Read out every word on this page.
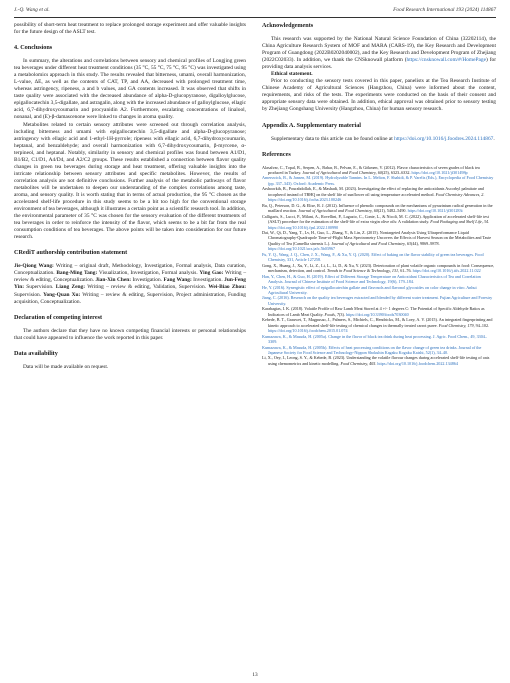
J.-Q. Wang et al.	Food Research International 193 (2024) 114867

possibility of short-term heat treatment to replace prolonged storage experiment and offer valuable insights for the future design of the ASLT test.

4. Conclusions

In summary, the alterations and correlations between sensory and chemical profiles of Longjing green tea beverages under different heat treatment conditions (35 °C, 55 °C, 75 °C, 95 °C) was investigated using a metabolomics approach in this study. The results revealed that bitterness, umami, overall harmonization, L-value, ΔE, as well as the contents of CAT, TP, and AA, decreased with prolonged treatment time, whereas astringency, ripeness, a and b values, and GA contents increased. It was observed that shifts in taste quality were associated with the decreased abundance of alpha-D-glucopyranose, digalloylglucose, epigallocatechin 3,5-digallate, and astragalin, along with the increased abundance of galloylglucose, ellagic acid, 6,7-dihydroxycoumarin and procyanidin A2. Furthermore, escalating concentrations of linalool, nonanal, and (E)-β-damascenone were linked to changes in aroma quality.

Metabolites related to certain sensory attributes were screened out through correlation analysis, including bitterness and umami with epigallocatechin 3,5-digallate and alpha-D-glucopyranose; astringency with ellagic acid and 1-ethyl-1H-pyrrole; ripeness with ellagic acid, 6,7-dihydroxycoumarin, heptanal, and benzaldehyde; and overall harmonization with 6,7-dihydroxycoumarin, β-myrcene, α-terpineol, and heptanal. Notably, similarity in sensory and chemical profiles was found between A1/D1, B1/B2, C1/D1, A4/D4, and A2/C2 groups. These results established a connection between flavor quality changes in green tea beverages during storage and heat treatment, offering valuable insights into the intricate relationship between sensory attributes and specific metabolites. However, the results of correlation analysis are not definitive conclusions. Further analysis of the metabolic pathways of flavor metabolites will be undertaken to deepen our understanding of the complex correlations among taste, aroma, and sensory quality. It is worth stating that in terms of actual production, the 95 °C chosen as the accelerated shelf-life procedure in this study seems to be a bit too high for the conventional storage environment of tea beverages, although it illustrates a certain point as a scientific research tool. In addition, the environmental parameter of 35 °C was chosen for the sensory evaluation of the different treatments of tea beverages in order to reinforce the intensity of the flavor, which seems to be a bit far from the real consumption conditions of tea beverages. The above points will be taken into consideration for our future research.

CRediT authorship contribution statement

Jie-Qiong Wang: Writing – original draft, Methodology, Investigation, Formal analysis, Data curation, Conceptualization. Bang-Ming Tang: Visualization, Investigation, Formal analysis. Ying Gao: Writing – review & editing, Conceptualization. Jian-Xin Chen: Investigation. Fang Wang: Investigation. Jun-Feng Yin: Supervision. Liang Zeng: Writing – review & editing, Validation, Supervision. Wei-Biao Zhou: Supervision. Yong-Quan Xu: Writing – review & editing, Supervision, Project administration, Funding acquisition, Conceptualization.

Declaration of competing interest

The authors declare that they have no known competing financial interests or personal relationships that could have appeared to influence the work reported in this paper.

Data availability

Data will be made available on request.

Acknowledgements

This research was supported by the National Natural Science Foundation of China (32202114), the China Agriculture Research System of MOF and MARA (CARS-19), the Key Research and Development Program of Guangdong (2022B0202040002), and the Key Research and Development Program of Zhejiang (2022C02033). In addition, we thank the CNSknowall platform (https://cnsknowall.com/#/HomePage) for providing data analysis services.

Ethical statement.

Prior to conducting the sensory tests covered in this paper, panelists at the Tea Research Institute of Chinese Academy of Agricultural Sciences (Hangzhou, China) were informed about the content, requirements, and risks of the tests. The experiments were conducted on the basis of their consent and appropriate sensory data were obtained. In addition, ethical approval was obtained prior to sensory testing by Zhejiang Gongshang University (Hangzhou, China) for human sensory research.

Appendix A. Supplementary material

Supplementary data to this article can be found online at https://doi.org/10.1016/j.foodres.2024.114867.

References

Alasalvar, C., Topal, B., Serpen, A., Bahar, B., Pelvan, E., & Gökmen, V. (2012). Flavor characteristics of seven grades of black tea produced in Turkey. Journal of Agricultural and Food Chemistry, 60(25), 6323–6332. https://doi.org/10.1021/jf301498p

Amerswick, B., & Jansen, M. (2019). Hydrolyzable Tannins. In L. Melton, F. Shahidi, & P. Varelis (Eds.), Encyclopedia of Food Chemistry (pp. 337–343). Oxford: Academic Press.

Arshoorkih, B., Pourabdollah, E., & Mashadi, M. (2023). Investigating the effect of replacing the antioxidants Ascorbyl palmitate and tocopherol instead of TBHQ on the shelf life of sunflower oil using temperature accelerated method. Food Chemistry Advances, 2. https://doi.org/10.1016/j.focha.2023.100246

Bu, Q., Peterson, D. G., & Elise, R. J. (2012). Influence of phenolic compounds on the mechanisms of pyrazinium radical generation in the maillard reaction. Journal of Agricultural and Food Chemistry, 60(21), 5482–5490. https://doi.org/10.1021/jf301283t

Calligaris, S., Lucci, P., Milani, A., Rovellini, P., Lagazio, C., Conte, L., & Nicoli, M. C. (2022). Application of accelerated shelf-life test (ASLT) procedure for the estimation of the shelf-life of extra virgin olive oils: A validation study. Food Packaging and Shelf Life, 34. https://doi.org/10.1016/j.fpsl.2022.100990

Dai, W., Qi, D., Yang, T., Lv, H., Guo, L., Zhang, Y., & Lin, Z. (2015). Nontargeted Analysis Using Ultraperformance Liquid Chromatography-Quadrupole Time-of-Flight Mass Spectrometry Uncovers the Effects of Harvest Season on the Metabolites and Taste Quality of Tea (Camellia sinensis L.). Journal of Agricultural and Food Chemistry, 63(44), 9869–9878. https://doi.org/10.1021/acs.jafc.5b03967

Fu, Y. Q., Wang, J. Q., Chen, J. X., Wang, F., & Xu, Y. Q. (2020). Effect of baking on the flavor stability of green tea beverages. Food Chemistry, 331, Article 127258.

Gong, X., Huang, J., Xu, Y., Li, Z., Li, L., Li, D., & Xu, Y. (2023). Deterioration of plant volatile organic compounds in food: Consequence, mechanism, detection, and control. Trends in Food Science & Technology, 131, 61–76. https://doi.org/10.1016/j.tifs.2022.11.022

Han, Y., Chen, H., & Guo, H. (2019). Effect of Different Storage Temperature on Antioxidant Characteristics of Tea and Correlation Analysis. Journal of Chinese Institute of Food Science and Technology, 19(6), 179–184.

He, Y. (2016). Synergistic effect of epigallocatechin gallate and flavonols and flavonol glycosides on color change in vitro. Anhui Agricultural University.

Jiang, C. (2016). Research on the quality tea beverages extracted and blended by different water treatment. Fujian Agriculture and Forestry University.

Karabagias, I. K. (2018). Volatile Profile of Raw Lamb Meat Stored at 4 +/- 1 degrees C: The Potential of Specific Aldehyde Ratios as Indicators of Lamb Meat Quality. Foods, 7(3). https://doi.org/10.3390/foods7030040

Kebede, B. T., Grauwet, T., Magpusao, J., Palmers, S., Michiels, C., Hendrickx, M., & Loey, A. V. (2015). An integrated fingerprinting and kinetic approach to accelerated shelf-life testing of chemical changes in thermally treated carrot puree. Food Chemistry, 179, 94–102. https://doi.org/10.1016/j.foodchem.2015.01.074

Kumazawa, K., & Masuda, H. (2005a). Change in the flavor of black tea drink during heat processing. J. Agric. Food Chem., 49, 3304–3309.

Kumazawa, K., & Masuda, H. (2005b). Effects of heat processing conditions on the flavor change of green tea drinks. Journal of the Japanese Society for Food Science and Technology-Nippon Shokuhin Kagaku Kogaku Kaishi, 52(1), 34–40.

Li, X., Oey, I., Leong, S. Y., & Kebede, B. (2023). Understanding the volatile flavour changes during accelerated shelf-life testing of oats using chemometrics and kinetic modelling. Food Chemistry, 405. https://doi.org/10.1016/j.foodchem.2022.134864

13
